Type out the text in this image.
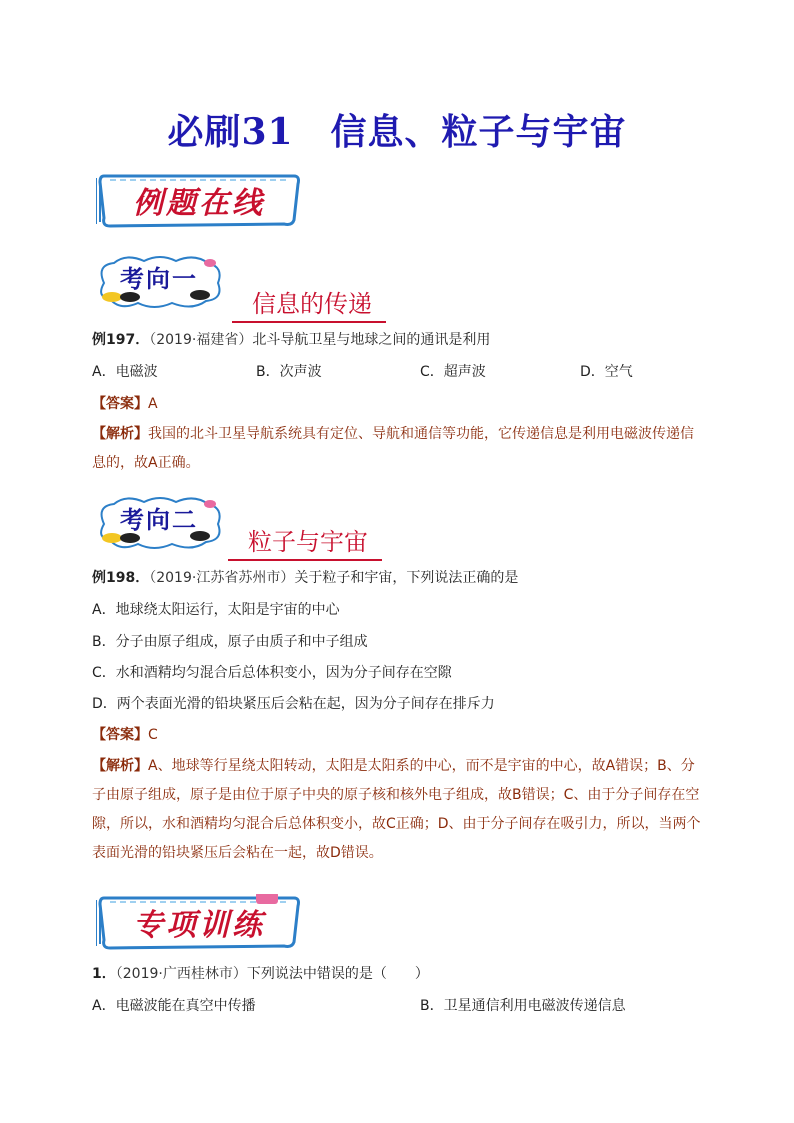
必刷31　信息、粒子与宇宙
例题在线
考向一
信息的传递
例197．（2019·福建省）北斗导航卫星与地球之间的通讯是利用
A．电磁波	B．次声波	C．超声波	D．空气
【答案】A
【解析】我国的北斗卫星导航系统具有定位、导航和通信等功能，它传递信息是利用电磁波传递信息的，故A正确。
考向二
粒子与宇宙
例198．（2019·江苏省苏州市）关于粒子和宇宙，下列说法正确的是
A．地球绕太阳运行，太阳是宇宙的中心
B．分子由原子组成，原子由质子和中子组成
C．水和酒精均匀混合后总体积变小，因为分子间存在空隙
D．两个表面光滑的铅块紧压后会粘在起，因为分子间存在排斥力
【答案】C
【解析】A、地球等行星绕太阳转动，太阳是太阳系的中心，而不是宇宙的中心，故A错误；B、分子由原子组成，原子是由位于原子中央的原子核和核外电子组成，故B错误；C、由于分子间存在空隙，所以，水和酒精均匀混合后总体积变小，故C正确；D、由于分子间存在吸引力，所以，当两个表面光滑的铅块紧压后会粘在一起，故D错误。
专项训练
1．（2019·广西桂林市）下列说法中错误的是（　　）
A．电磁波能在真空中传播	B．卫星通信利用电磁波传递信息
